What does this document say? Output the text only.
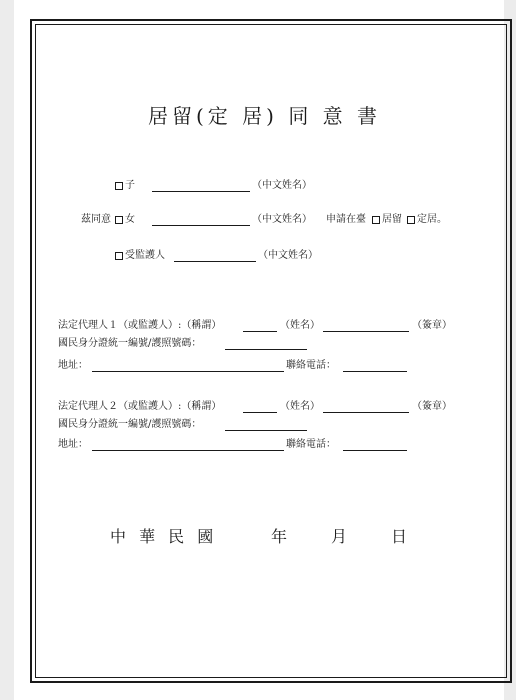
居留(定 居) 同 意 書
子	（中文姓名）
茲同意 女	（中文姓名） 申請在臺 居留 定居。
受監護人	（中文姓名）
法定代理人１（或監護人）:（稱謂）	（姓名）	（簽章）
國民身分證統一編號/護照號碼：
地址：	聯絡電話：
法定代理人２（或監護人）:（稱謂）	（姓名）	（簽章）
國民身分證統一編號/護照號碼：
地址：	聯絡電話：
中 華 民 國	年	月	日
